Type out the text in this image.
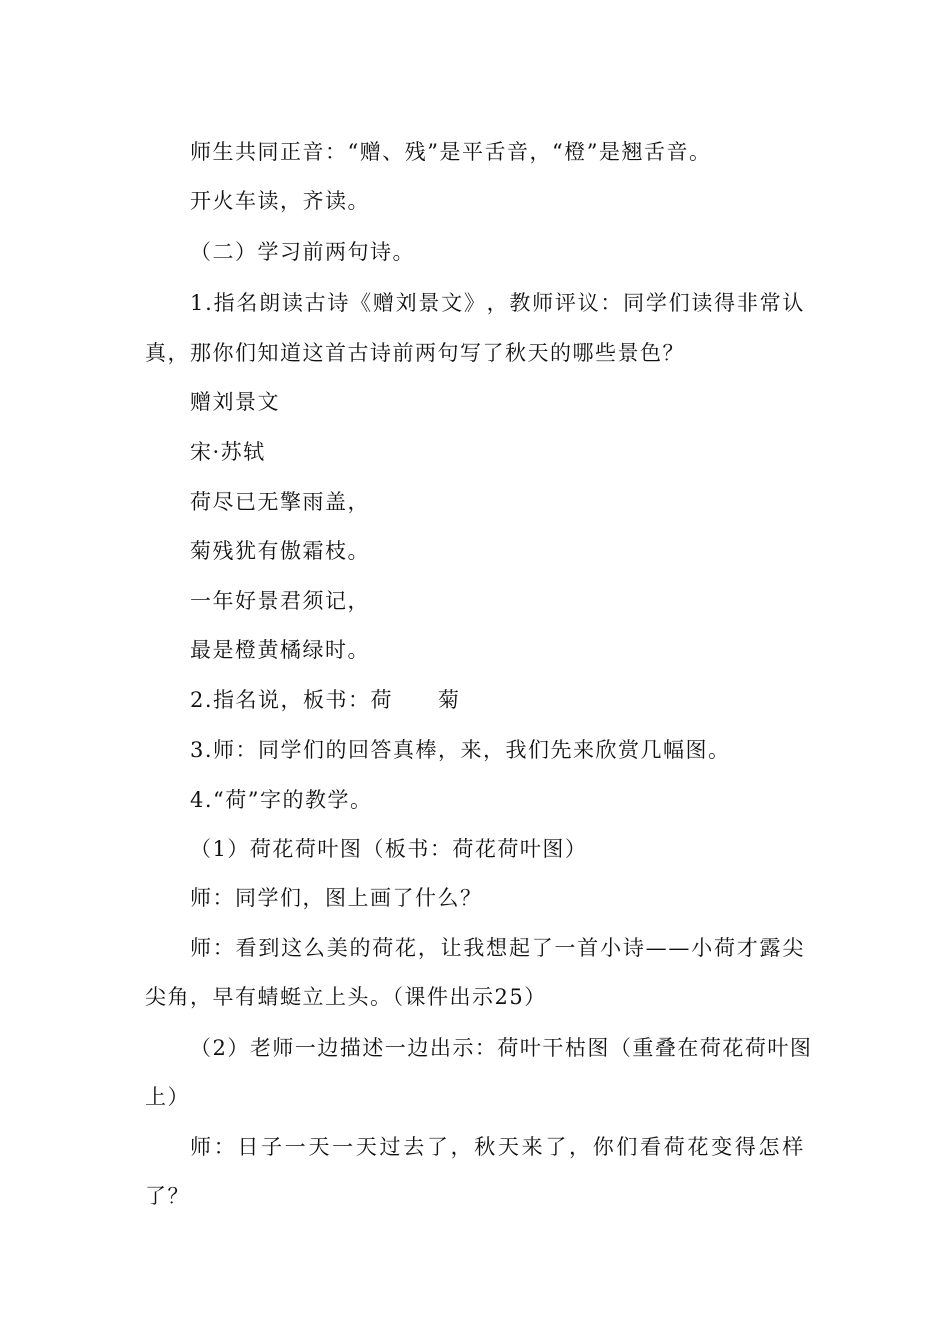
师生共同正音：“赠、残”是平舌音，“橙”是翘舌音。
开火车读，齐读。
（二）学习前两句诗。
1 . 指 名 朗 读 古 诗 《 赠 刘 景 文 》 ， 教 师 评 议 ： 同 学 们 读 得 非 常 认
真，那你们知道这首古诗前两句写了秋天的哪些景色？
赠刘景文
宋·苏轼
荷尽已无擎雨盖，
菊残犹有傲霜枝。
一年好景君须记，
最是橙黄橘绿时。
2.指名说，板书：荷　　菊
3.师：同学们的回答真棒，来，我们先来欣赏几幅图。
4.“荷”字的教学。
（1）荷花荷叶图（板书：荷花荷叶图）
师：同学们，图上画了什么？
师 ： 看 到 这 么 美 的 荷 花 ， 让 我 想 起 了 一 首 小 诗 — — 小 荷 才 露 尖
尖角，早有蜻蜓立上头。（课件出示25）
（ 2 ） 老 师 一 边 描 述 一 边 出 示 ： 荷 叶 干 枯 图 （ 重 叠 在 荷 花 荷 叶 图
上）
师 ： 日 子 一 天 一 天 过 去 了 ， 秋 天 来 了 ， 你 们 看 荷 花 变 得 怎 样
了？
